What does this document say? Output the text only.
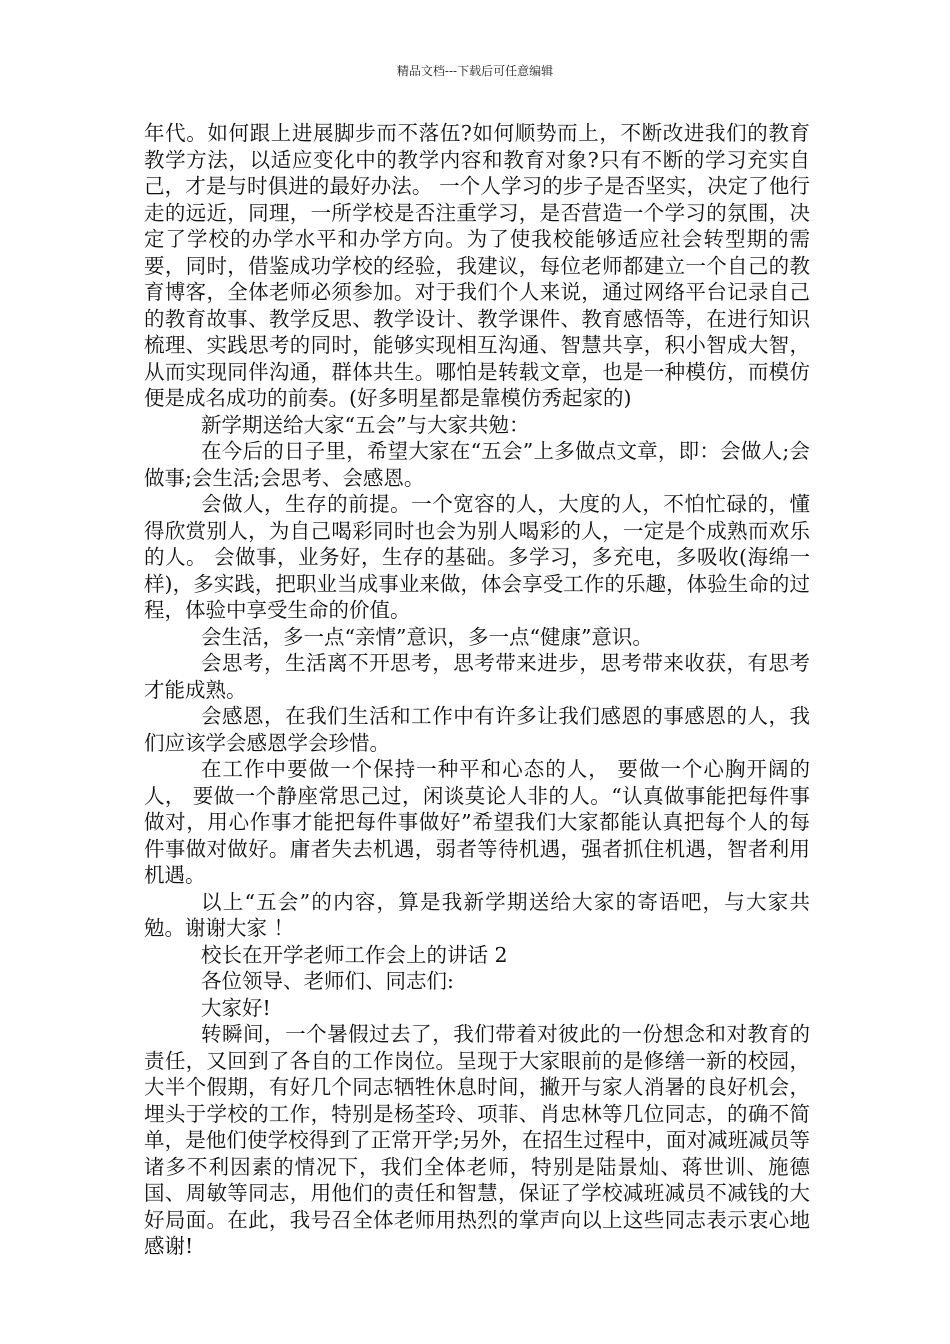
精品文档---下载后可任意编辑

年代。如何跟上进展脚步而不落伍?如何顺势而上，不断改进我们的教育教学方法，以适应变化中的教学内容和教育对象?只有不断的学习充实自己，才是与时俱进的最好办法。 一个人学习的步子是否坚实，决定了他行走的远近，同理，一所学校是否注重学习，是否营造一个学习的氛围，决定了学校的办学水平和办学方向。为了使我校能够适应社会转型期的需要，同时，借鉴成功学校的经验，我建议，每位老师都建立一个自己的教育博客，全体老师必须参加。对于我们个人来说，通过网络平台记录自己的教育故事、教学反思、教学设计、教学课件、教育感悟等，在进行知识梳理、实践思考的同时，能够实现相互沟通、智慧共享，积小智成大智，从而实现同伴沟通，群体共生。哪怕是转载文章，也是一种模仿，而模仿便是成名成功的前奏。(好多明星都是靠模仿秀起家的)

新学期送给大家“五会”与大家共勉：

在今后的日子里，希望大家在“五会”上多做点文章，即：会做人;会做事;会生活;会思考、会感恩。

会做人，生存的前提。一个宽容的人，大度的人，不怕忙碌的，懂得欣赏别人，为自己喝彩同时也会为别人喝彩的人，一定是个成熟而欢乐的人。 会做事，业务好，生存的基础。多学习，多充电，多吸收(海绵一样)，多实践，把职业当成事业来做，体会享受工作的乐趣，体验生命的过程，体验中享受生命的价值。

会生活，多一点“亲情”意识，多一点“健康”意识。

会思考，生活离不开思考，思考带来进步，思考带来收获，有思考才能成熟。

会感恩，在我们生活和工作中有许多让我们感恩的事感恩的人，我们应该学会感恩学会珍惜。

在工作中要做一个保持一种平和心态的人， 要做一个心胸开阔的人， 要做一个静座常思己过，闲谈莫论人非的人。“认真做事能把每件事做对，用心作事才能把每件事做好”希望我们大家都能认真把每个人的每件事做对做好。庸者失去机遇，弱者等待机遇，强者抓住机遇，智者利用机遇。

以上“五会”的内容，算是我新学期送给大家的寄语吧，与大家共勉。谢谢大家 ！

校长在开学老师工作会上的讲话 2

各位领导、老师们、同志们:

大家好!

转瞬间，一个暑假过去了，我们带着对彼此的一份想念和对教育的责任，又回到了各自的工作岗位。呈现于大家眼前的是修缮一新的校园，大半个假期，有好几个同志牺牲休息时间，撇开与家人消暑的良好机会，埋头于学校的工作，特别是杨荃玲、项菲、肖忠林等几位同志，的确不简单，是他们使学校得到了正常开学;另外，在招生过程中，面对减班减员等诸多不利因素的情况下，我们全体老师，特别是陆景灿、蒋世训、施德国、周敏等同志，用他们的责任和智慧，保证了学校减班减员不减钱的大好局面。在此，我号召全体老师用热烈的掌声向以上这些同志表示衷心地感谢!
